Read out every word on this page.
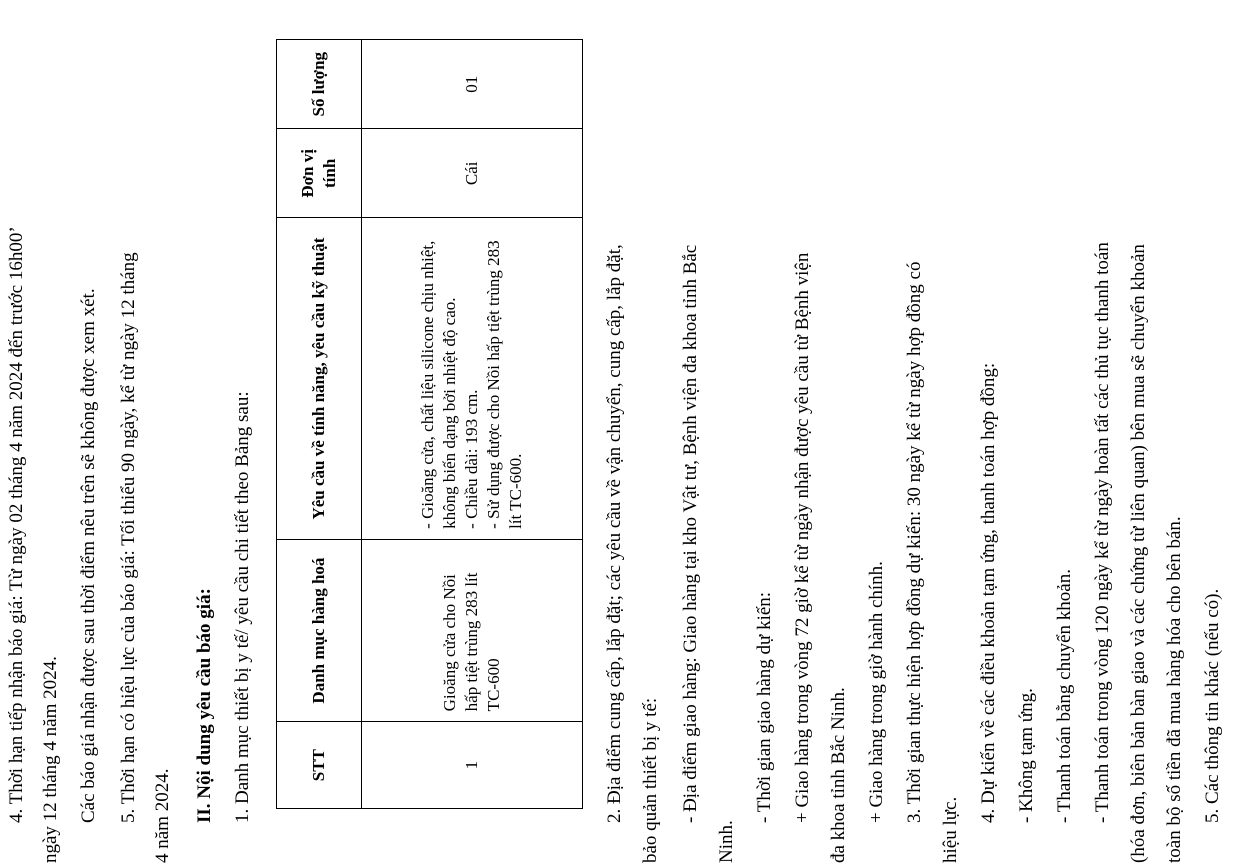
4. Thời hạn tiếp nhận báo giá: Từ ngày 02 tháng 4 năm 2024 đến trước 16h00’ ngày 12 tháng 4 năm 2024. Các báo giá nhận được sau thời điểm nêu trên sẽ không được xem xét. 5. Thời hạn có hiệu lực của báo giá: Tối thiểu 90 ngày, kể từ ngày 12 tháng 4 năm 2024. II. Nội dung yêu cầu báo giá: 1. Danh mục thiết bị y tế/ yêu cầu chi tiết theo Bảng sau:	STT	Danh mục hàng hoá	Yêu cầu về tính năng, yêu cầu kỹ thuật	Đơn vị tính	Số lượng
1	Gioăng cửa cho Nồi hấp tiệt trùng 283 lít TC-600	- Gioăng cửa, chất liệu silicone chịu nhiệt, không biến dạng bởi nhiệt độ cao. - Chiều dài: 193 cm. - Sử dụng được cho Nồi hấp tiệt trùng 283 lít TC-600.	Cái	01
2. Địa điểm cung cấp, lắp đặt; các yêu cầu về vận chuyển, cung cấp, lắp đặt, bảo quản thiết bị y tế: - Địa điểm giao hàng: Giao hàng tại kho Vật tư, Bệnh viện đa khoa tỉnh Bắc
Ninh.
- Thời gian giao hàng dự kiến: + Giao hàng trong vòng 72 giờ kể từ ngày nhận được yêu cầu từ Bệnh viện đa khoa tỉnh Bắc Ninh. + Giao hàng trong giờ hành chính. 3. Thời gian thực hiện hợp đồng dự kiến: 30 ngày kể từ ngày hợp đồng có
hiệu lực.
4. Dự kiến về các điều khoản tạm ứng, thanh toán hợp đồng: - Không tạm ứng. - Thanh toán bằng chuyển khoản. - Thanh toán trong vòng 120 ngày kể từ ngày hoàn tất các thủ tục thanh toán (hóa đơn, biên bản bàn giao và các chứng từ liên quan) bên mua sẽ chuyển khoản toàn bộ số tiền đã mua hàng hóa cho bên bán. 5. Các thông tin khác (nếu có).
